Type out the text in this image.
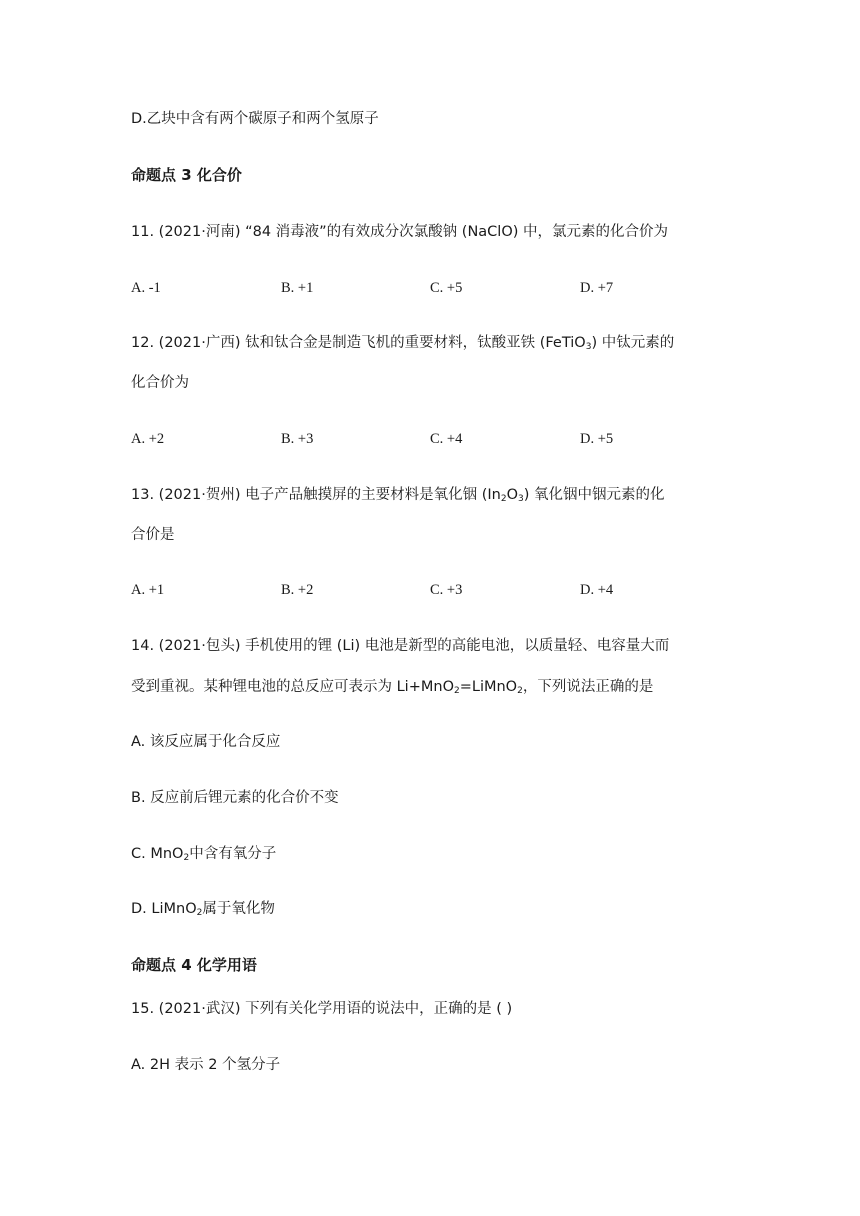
D.乙块中含有两个碳原子和两个氢原子
命题点 3 化合价
11. (2021·河南) “84 消毒液”的有效成分次氯酸钠 (NaClO) 中，氯元素的化合价为
A. -1	B. +1	C. +5	D. +7
12. (2021·广西) 钛和钛合金是制造飞机的重要材料，钛酸亚铁 (FeTiO$_3$) 中钛元素的
化合价为
A. +2	B. +3	C. +4	D. +5
13. (2021·贺州) 电子产品触摸屏的主要材料是氧化铟 $(In_2O_3)$ 氧化铟中铟元素的化
合价是
A. +1	B. +2	C. +3	D. +4
14. (2021·包头) 手机使用的锂 (Li) 电池是新型的高能电池，以质量轻、电容量大而
受到重视。某种锂电池的总反应可表示为 Li+MnO$_2$=LiMnO$_2$，下列说法正确的是
A. 该反应属于化合反应
B. 反应前后锂元素的化合价不变
C. MnO$_2$中含有氧分子
D. LiMnO$_2$属于氧化物
命题点 4 化学用语
15. (2021·武汉) 下列有关化学用语的说法中，正确的是 ( )
A. 2H 表示 2 个氢分子
